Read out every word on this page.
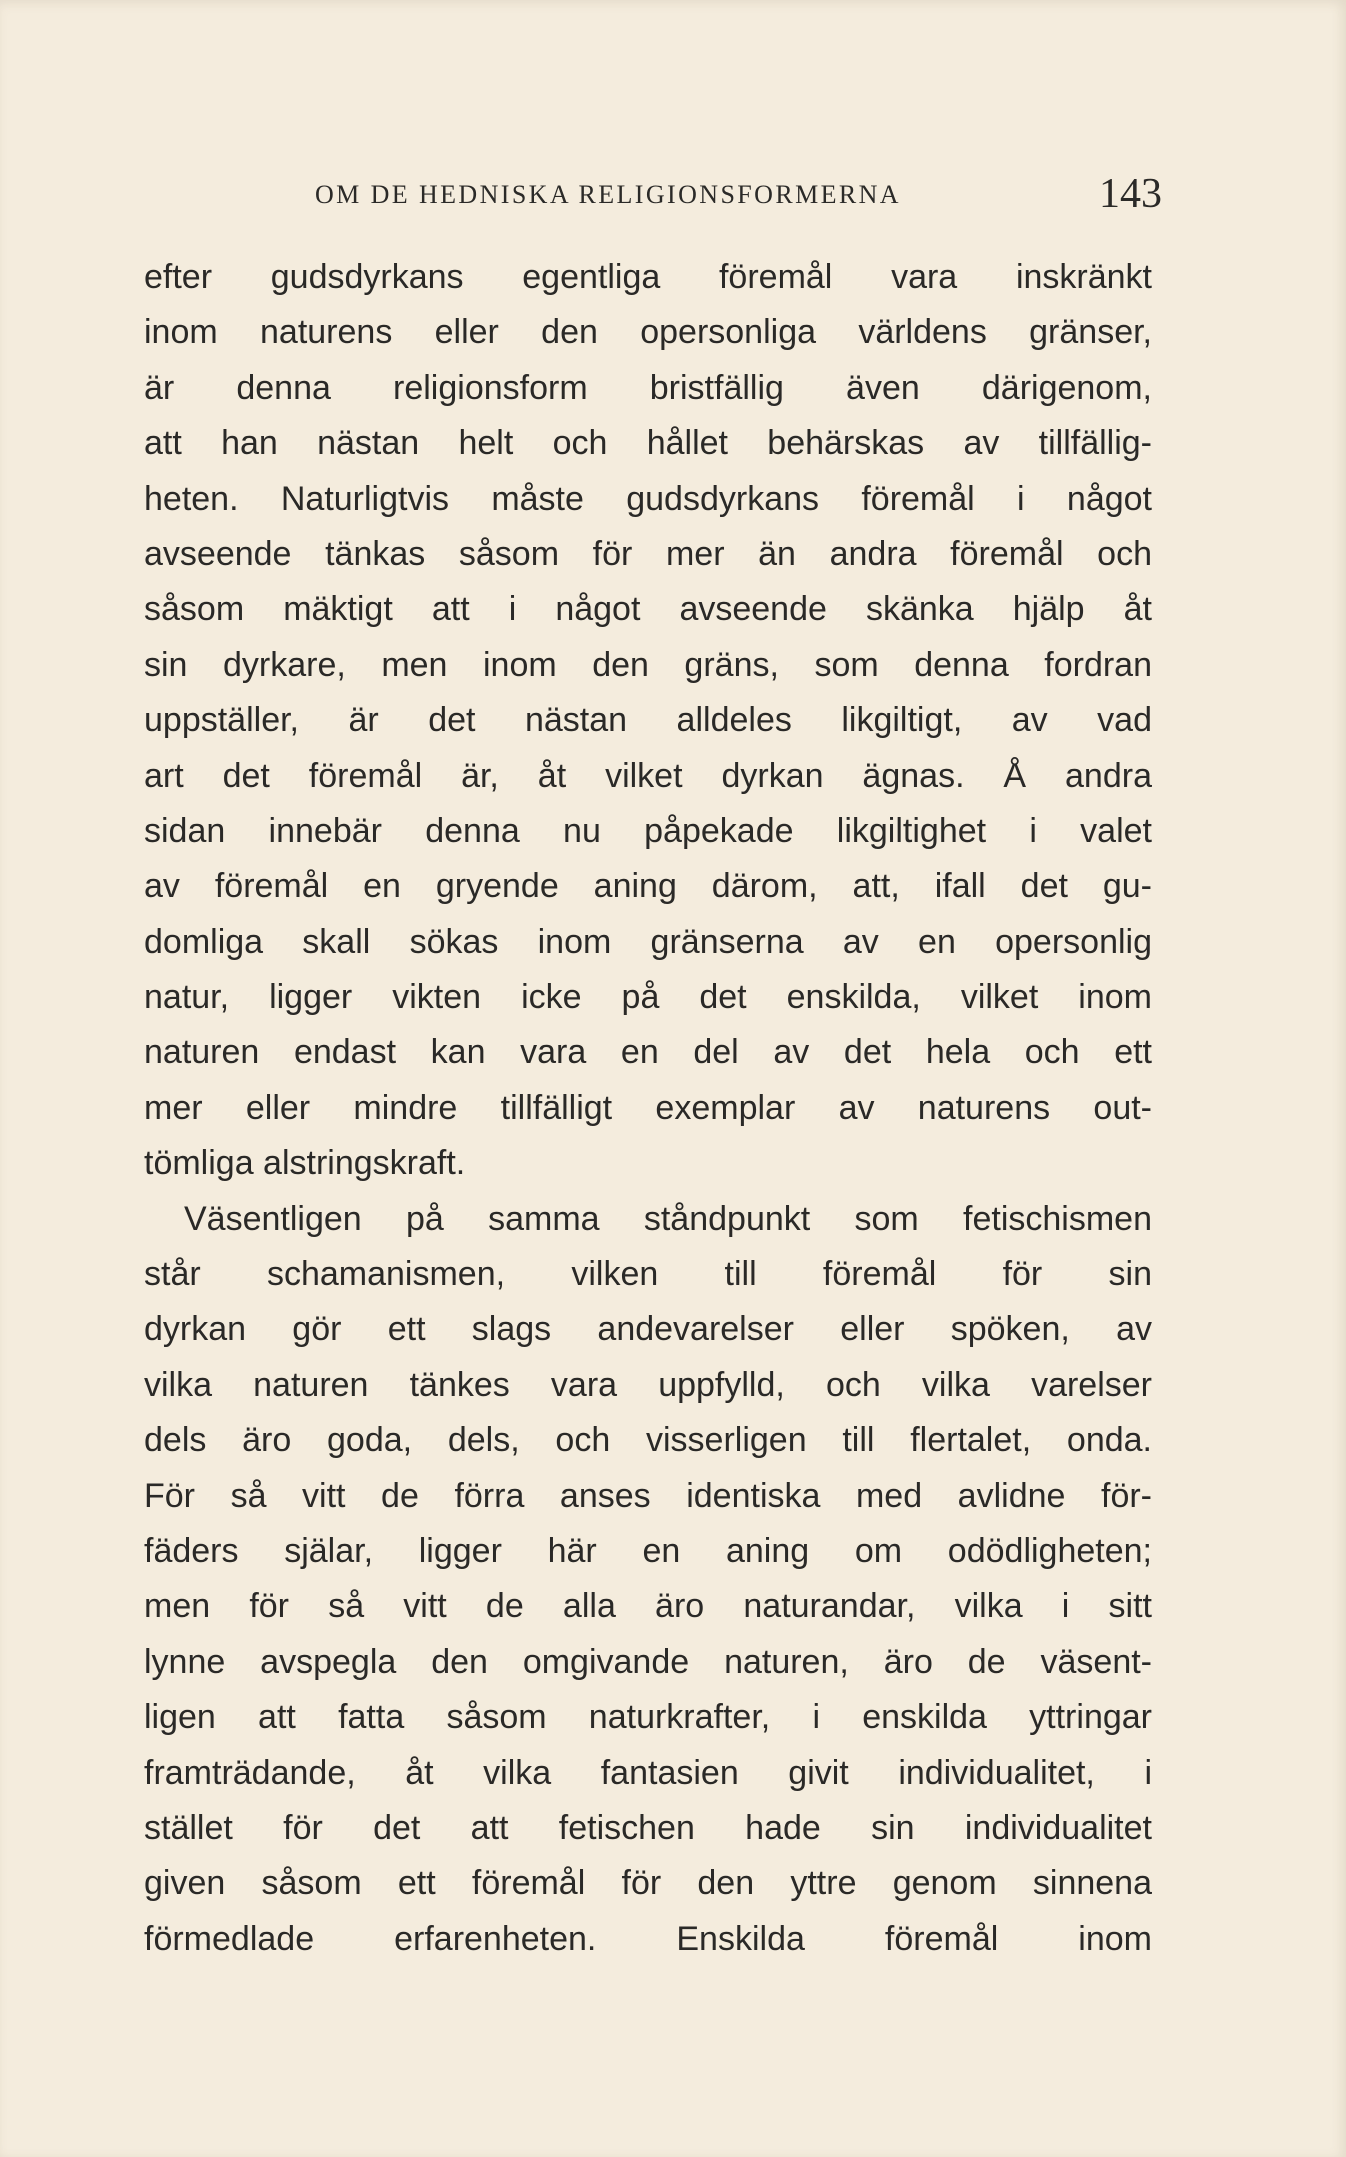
OM DE HEDNISKA RELIGIONSFORMERNA	143
efter gudsdyrkans egentliga föremål vara inskränkt
inom naturens eller den opersonliga världens gränser,
är denna religionsform bristfällig även därigenom,
att han nästan helt och hållet behärskas av tillfällig-
heten. Naturligtvis måste gudsdyrkans föremål i något
avseende tänkas såsom för mer än andra föremål och
såsom mäktigt att i något avseende skänka hjälp åt
sin dyrkare, men inom den gräns, som denna fordran
uppställer, är det nästan alldeles likgiltigt, av vad
art det föremål är, åt vilket dyrkan ägnas. Å andra
sidan innebär denna nu påpekade likgiltighet i valet
av föremål en gryende aning därom, att, ifall det gu-
domliga skall sökas inom gränserna av en opersonlig
natur, ligger vikten icke på det enskilda, vilket inom
naturen endast kan vara en del av det hela och ett
mer eller mindre tillfälligt exemplar av naturens out-
tömliga alstringskraft.
Väsentligen på samma ståndpunkt som fetischismen
står schamanismen, vilken till föremål för sin
dyrkan gör ett slags andevarelser eller spöken, av
vilka naturen tänkes vara uppfylld, och vilka varelser
dels äro goda, dels, och visserligen till flertalet, onda.
För så vitt de förra anses identiska med avlidne för-
fäders själar, ligger här en aning om odödligheten;
men för så vitt de alla äro naturandar, vilka i sitt
lynne avspegla den omgivande naturen, äro de väsent-
ligen att fatta såsom naturkrafter, i enskilda yttringar
framträdande, åt vilka fantasien givit individualitet, i
stället för det att fetischen hade sin individualitet
given såsom ett föremål för den yttre genom sinnena
förmedlade erfarenheten. Enskilda föremål inom
